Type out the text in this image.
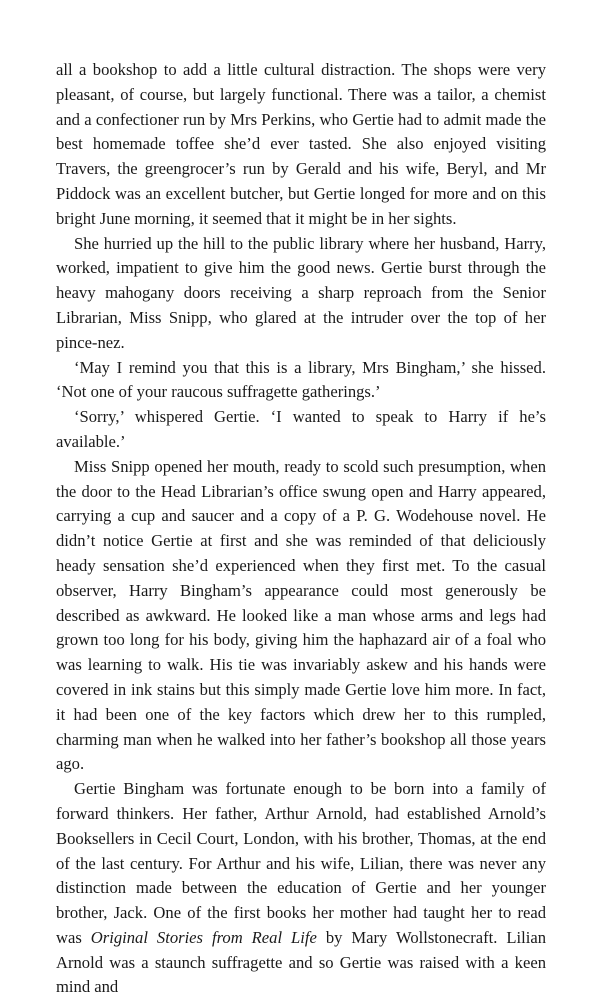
all a bookshop to add a little cultural distraction. The shops were very pleasant, of course, but largely functional. There was a tailor, a chemist and a confectioner run by Mrs Perkins, who Gertie had to admit made the best homemade toffee she’d ever tasted. She also enjoyed visiting Travers, the greengrocer’s run by Gerald and his wife, Beryl, and Mr Piddock was an excellent butcher, but Gertie longed for more and on this bright June morning, it seemed that it might be in her sights.

She hurried up the hill to the public library where her husband, Harry, worked, impatient to give him the good news. Gertie burst through the heavy mahogany doors receiving a sharp reproach from the Senior Librarian, Miss Snipp, who glared at the intruder over the top of her pince-nez.

‘May I remind you that this is a library, Mrs Bingham,’ she hissed. ‘Not one of your raucous suffragette gatherings.’

‘Sorry,’ whispered Gertie. ‘I wanted to speak to Harry if he’s available.’

Miss Snipp opened her mouth, ready to scold such presumption, when the door to the Head Librarian’s office swung open and Harry appeared, carrying a cup and saucer and a copy of a P. G. Wodehouse novel. He didn’t notice Gertie at first and she was reminded of that deliciously heady sensation she’d experienced when they first met. To the casual observer, Harry Bingham’s appearance could most generously be described as awkward. He looked like a man whose arms and legs had grown too long for his body, giving him the haphazard air of a foal who was learning to walk. His tie was invariably askew and his hands were covered in ink stains but this simply made Gertie love him more. In fact, it had been one of the key factors which drew her to this rumpled, charming man when he walked into her father’s bookshop all those years ago.

Gertie Bingham was fortunate enough to be born into a family of forward thinkers. Her father, Arthur Arnold, had established Arnold’s Booksellers in Cecil Court, London, with his brother, Thomas, at the end of the last century. For Arthur and his wife, Lilian, there was never any distinction made between the education of Gertie and her younger brother, Jack. One of the first books her mother had taught her to read was Original Stories from Real Life by Mary Wollstonecraft. Lilian Arnold was a staunch suffragette and so Gertie was raised with a keen mind and
